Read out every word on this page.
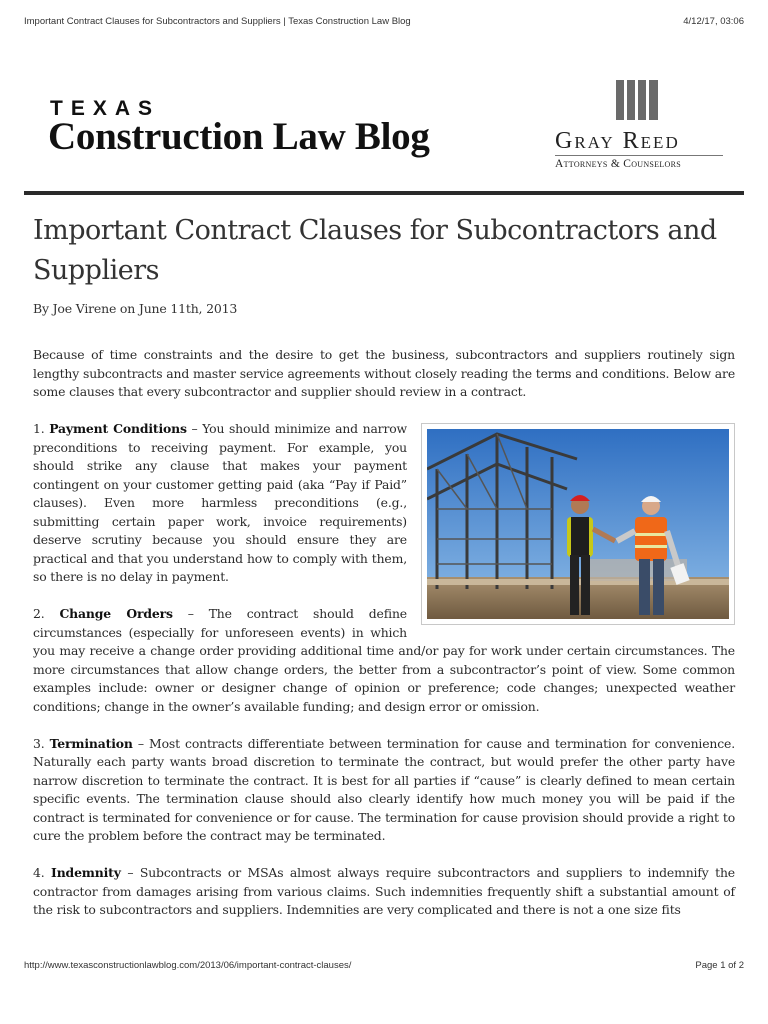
Important Contract Clauses for Subcontractors and Suppliers | Texas Construction Law Blog	4/12/17, 03:06
TEXAS
Construction Law Blog	Gray Reed
Attorneys & Counselors
Important Contract Clauses for Subcontractors and Suppliers
By Joe Virene on June 11th, 2013

Because of time constraints and the desire to get the business, subcontractors and suppliers routinely sign lengthy subcontracts and master service agreements without closely reading the terms and conditions. Below are some clauses that every subcontractor and supplier should review in a contract.

1. Payment Conditions – You should minimize and narrow preconditions to receiving payment. For example, you should strike any clause that makes your payment contingent on your customer getting paid (aka “Pay if Paid” clauses). Even more harmless preconditions (e.g., submitting certain paper work, invoice requirements) deserve scrutiny because you should ensure they are practical and that you understand how to comply with them, so there is no delay in payment.

2. Change Orders – The contract should define circumstances (especially for unforeseen events) in which you may receive a change order providing additional time and/or pay for work under certain circumstances. The more circumstances that allow change orders, the better from a subcontractor’s point of view. Some common examples include: owner or designer change of opinion or preference; code changes; unexpected weather conditions; change in the owner’s available funding; and design error or omission.

3. Termination – Most contracts differentiate between termination for cause and termination for convenience. Naturally each party wants broad discretion to terminate the contract, but would prefer the other party have narrow discretion to terminate the contract. It is best for all parties if “cause” is clearly defined to mean certain specific events. The termination clause should also clearly identify how much money you will be paid if the contract is terminated for convenience or for cause. The termination for cause provision should provide a right to cure the problem before the contract may be terminated.

4. Indemnity – Subcontracts or MSAs almost always require subcontractors and suppliers to indemnify the contractor from damages arising from various claims. Such indemnities frequently shift a substantial amount of the risk to subcontractors and suppliers. Indemnities are very complicated and there is not a one size fits

http://www.texasconstructionlawblog.com/2013/06/important-contract-clauses/	Page 1 of 2
